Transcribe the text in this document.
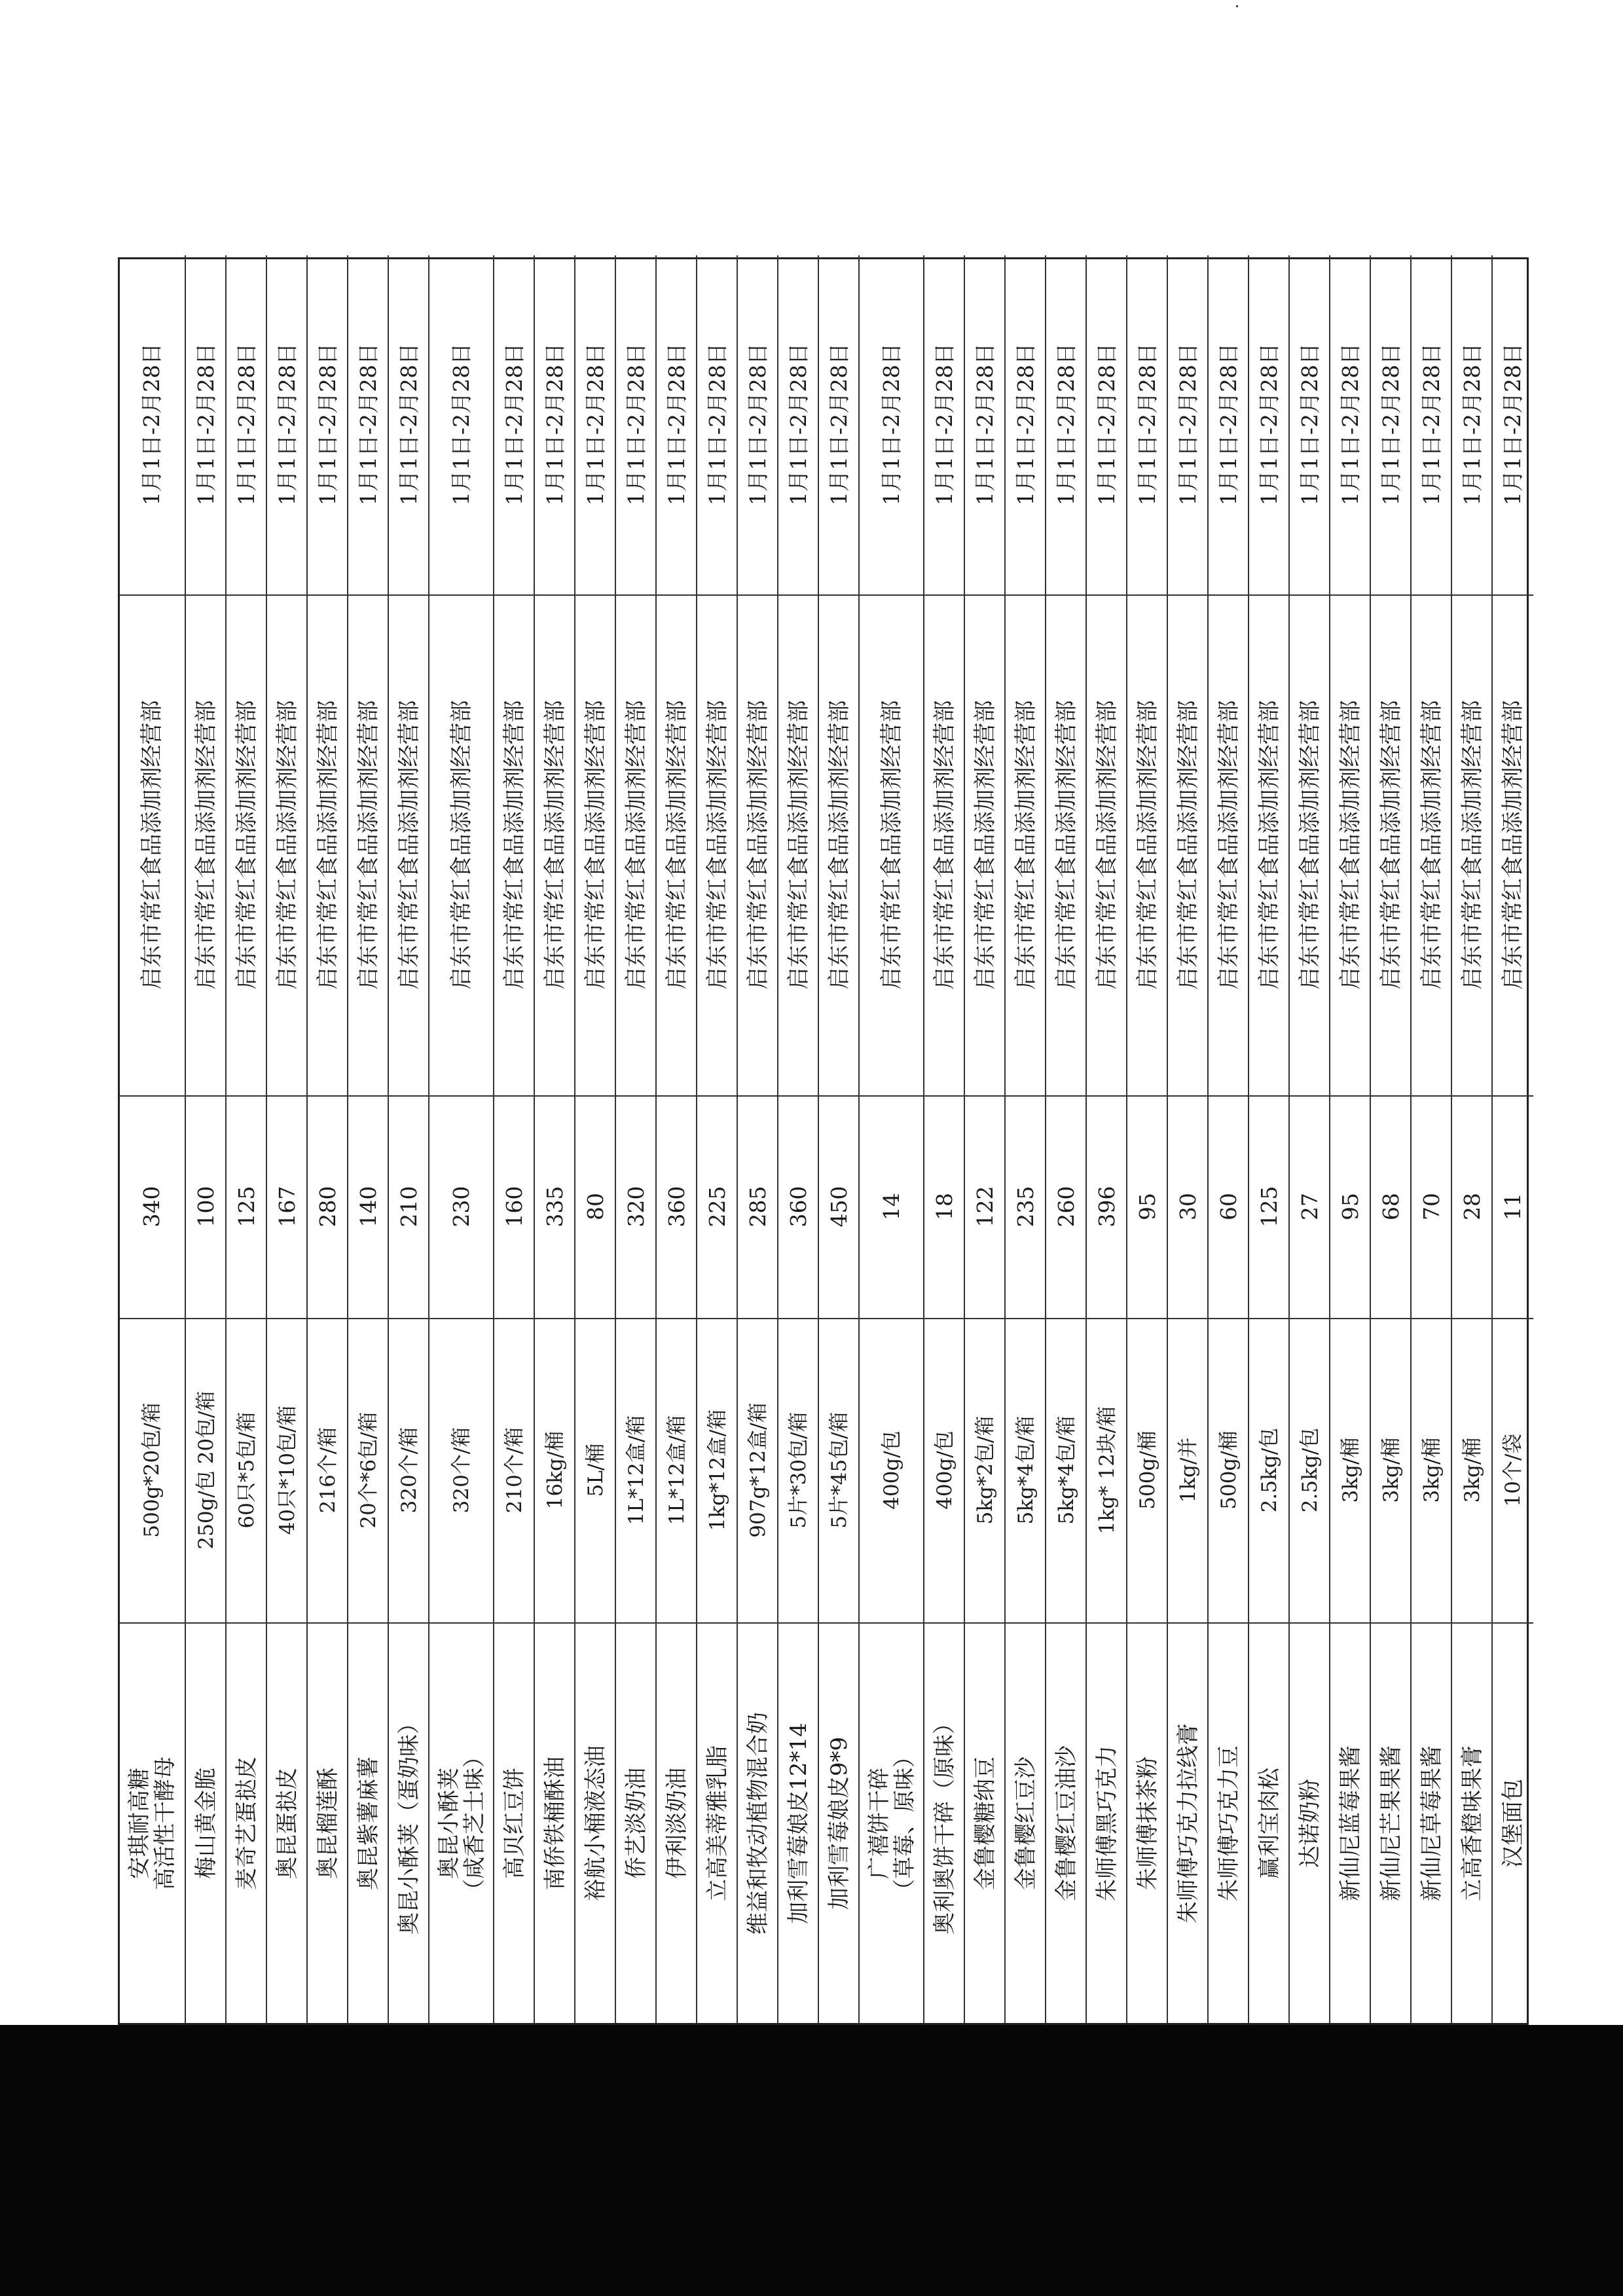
安琪耐高糖
高活性干酵母
500g*20包/箱
340
启东市常红食品添加剂经营部
1月1日-2月28日
梅山黄金脆
250g/包 20包/箱
100
启东市常红食品添加剂经营部
1月1日-2月28日
麦奇艺蛋挞皮
60只*5包/箱
125
启东市常红食品添加剂经营部
1月1日-2月28日
奥昆蛋挞皮
40只*10包/箱
167
启东市常红食品添加剂经营部
1月1日-2月28日
奥昆榴莲酥
216个/箱
280
启东市常红食品添加剂经营部
1月1日-2月28日
奥昆紫薯麻薯
20个*6包/箱
140
启东市常红食品添加剂经营部
1月1日-2月28日
奥昆小酥荚（蛋奶味）
320个/箱
210
启东市常红食品添加剂经营部
1月1日-2月28日
奥昆小酥荚
（咸香芝士味）
320个/箱
230
启东市常红食品添加剂经营部
1月1日-2月28日
高贝红豆饼
210个/箱
160
启东市常红食品添加剂经营部
1月1日-2月28日
南侨铁桶酥油
16kg/桶
335
启东市常红食品添加剂经营部
1月1日-2月28日
裕航小桶液态油
5L/桶
80
启东市常红食品添加剂经营部
1月1日-2月28日
侨艺淡奶油
1L*12盒/箱
320
启东市常红食品添加剂经营部
1月1日-2月28日
伊利淡奶油
1L*12盒/箱
360
启东市常红食品添加剂经营部
1月1日-2月28日
立高美蒂雅乳脂
1kg*12盒/箱
225
启东市常红食品添加剂经营部
1月1日-2月28日
维益和牧动植物混合奶
907g*12盒/箱
285
启东市常红食品添加剂经营部
1月1日-2月28日
加利雪莓娘皮12*14
5片*30包/箱
360
启东市常红食品添加剂经营部
1月1日-2月28日
加利雪莓娘皮9*9
5片*45包/箱
450
启东市常红食品添加剂经营部
1月1日-2月28日
广禧饼干碎
（草莓、原味）
400g/包
14
启东市常红食品添加剂经营部
1月1日-2月28日
奥利奥饼干碎（原味）
400g/包
18
启东市常红食品添加剂经营部
1月1日-2月28日
金鲁樱糖纳豆
5kg*2包/箱
122
启东市常红食品添加剂经营部
1月1日-2月28日
金鲁樱红豆沙
5kg*4包/箱
235
启东市常红食品添加剂经营部
1月1日-2月28日
金鲁樱红豆油沙
5kg*4包/箱
260
启东市常红食品添加剂经营部
1月1日-2月28日
朱师傅黑巧克力
1kg* 12块/箱
396
启东市常红食品添加剂经营部
1月1日-2月28日
朱师傅抹茶粉
500g/桶
95
启东市常红食品添加剂经营部
1月1日-2月28日
朱师傅巧克力拉线膏
1kg/并
30
启东市常红食品添加剂经营部
1月1日-2月28日
朱师傅巧克力豆
500g/桶
60
启东市常红食品添加剂经营部
1月1日-2月28日
赢利宝肉松
2.5kg/包
125
启东市常红食品添加剂经营部
1月1日-2月28日
达诺奶粉
2.5kg/包
27
启东市常红食品添加剂经营部
1月1日-2月28日
新仙尼蓝莓果酱
3kg/桶
95
启东市常红食品添加剂经营部
1月1日-2月28日
新仙尼芒果果酱
3kg/桶
68
启东市常红食品添加剂经营部
1月1日-2月28日
新仙尼草莓果酱
3kg/桶
70
启东市常红食品添加剂经营部
1月1日-2月28日
立高香橙味果膏
3kg/桶
28
启东市常红食品添加剂经营部
1月1日-2月28日
汉堡面包
10个/袋
11
启东市常红食品添加剂经营部
1月1日-2月28日
